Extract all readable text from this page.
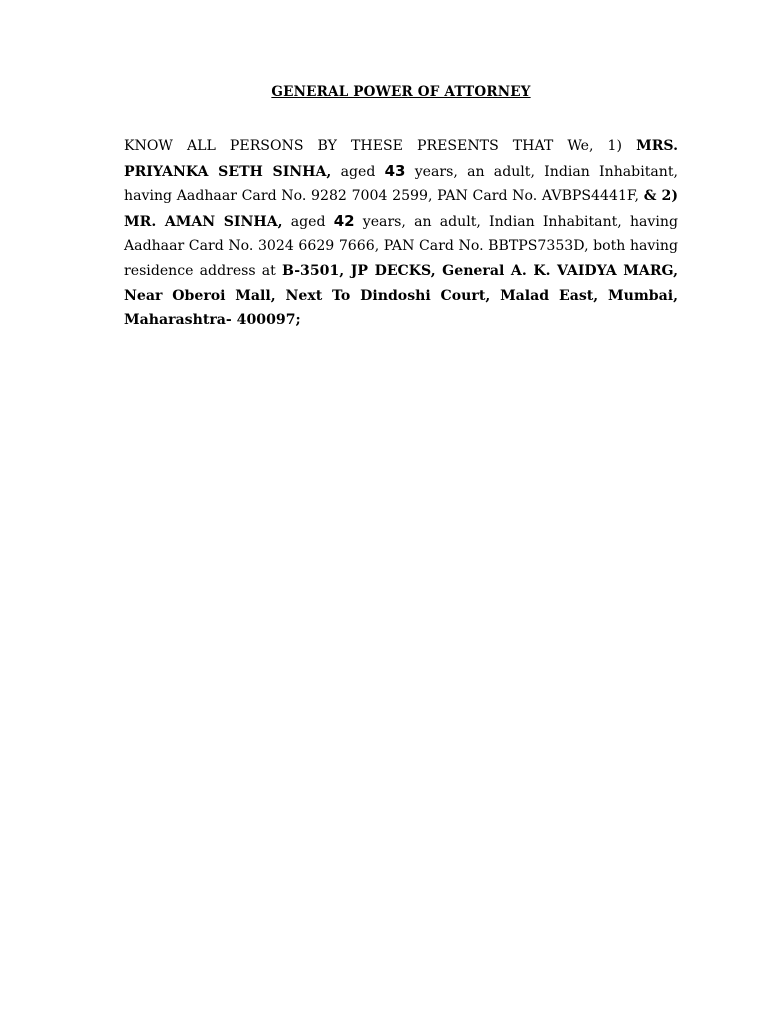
GENERAL POWER OF ATTORNEY

KNOW ALL PERSONS BY THESE PRESENTS THAT We, 1) MRS. PRIYANKA SETH SINHA, aged 43 years, an adult, Indian Inhabitant, having Aadhaar Card No. 9282 7004 2599, PAN Card No. AVBPS4441F, & 2) MR. AMAN SINHA, aged 42 years, an adult, Indian Inhabitant, having Aadhaar Card No. 3024 6629 7666, PAN Card No. BBTPS7353D, both having residence address at B-3501, JP DECKS, General A. K. VAIDYA MARG, Near Oberoi Mall, Next To Dindoshi Court, Malad East, Mumbai, Maharashtra- 400097;
